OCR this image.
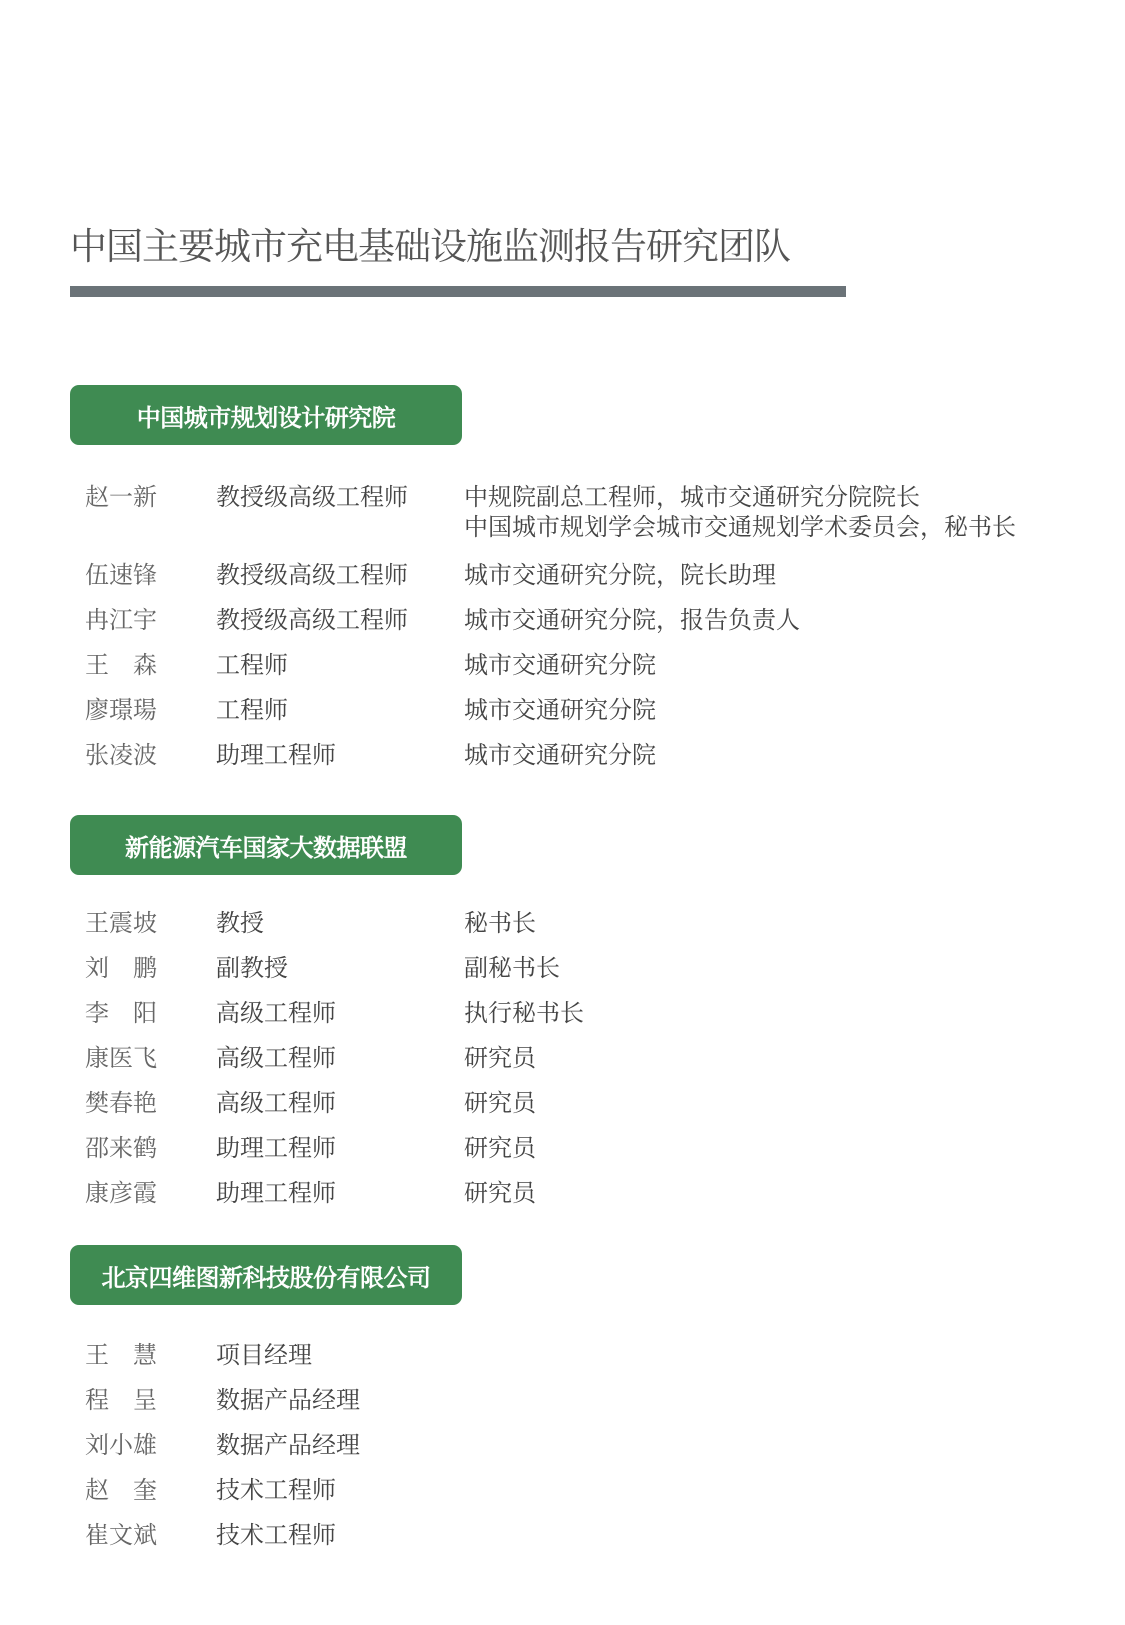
中国主要城市充电基础设施监测报告研究团队
中国城市规划设计研究院
赵一新 教授级高级工程师 中规院副总工程师，城市交通研究分院院长
中国城市规划学会城市交通规划学术委员会，秘书长
伍速锋 教授级高级工程师 城市交通研究分院，院长助理
冉江宇 教授级高级工程师 城市交通研究分院，报告负责人
王　森 工程师	城市交通研究分院
廖璟瑒 工程师	城市交通研究分院
张凌波 助理工程师	城市交通研究分院
新能源汽车国家大数据联盟
王震坡 教授	秘书长
刘　鹏 副教授	副秘书长
李　阳 高级工程师	执行秘书长
康医飞 高级工程师	研究员
樊春艳 高级工程师	研究员
邵来鹤 助理工程师	研究员
康彦霞 助理工程师	研究员
北京四维图新科技股份有限公司
王　慧 项目经理
程　呈 数据产品经理
刘小雄 数据产品经理
赵　奎 技术工程师
崔文斌 技术工程师
